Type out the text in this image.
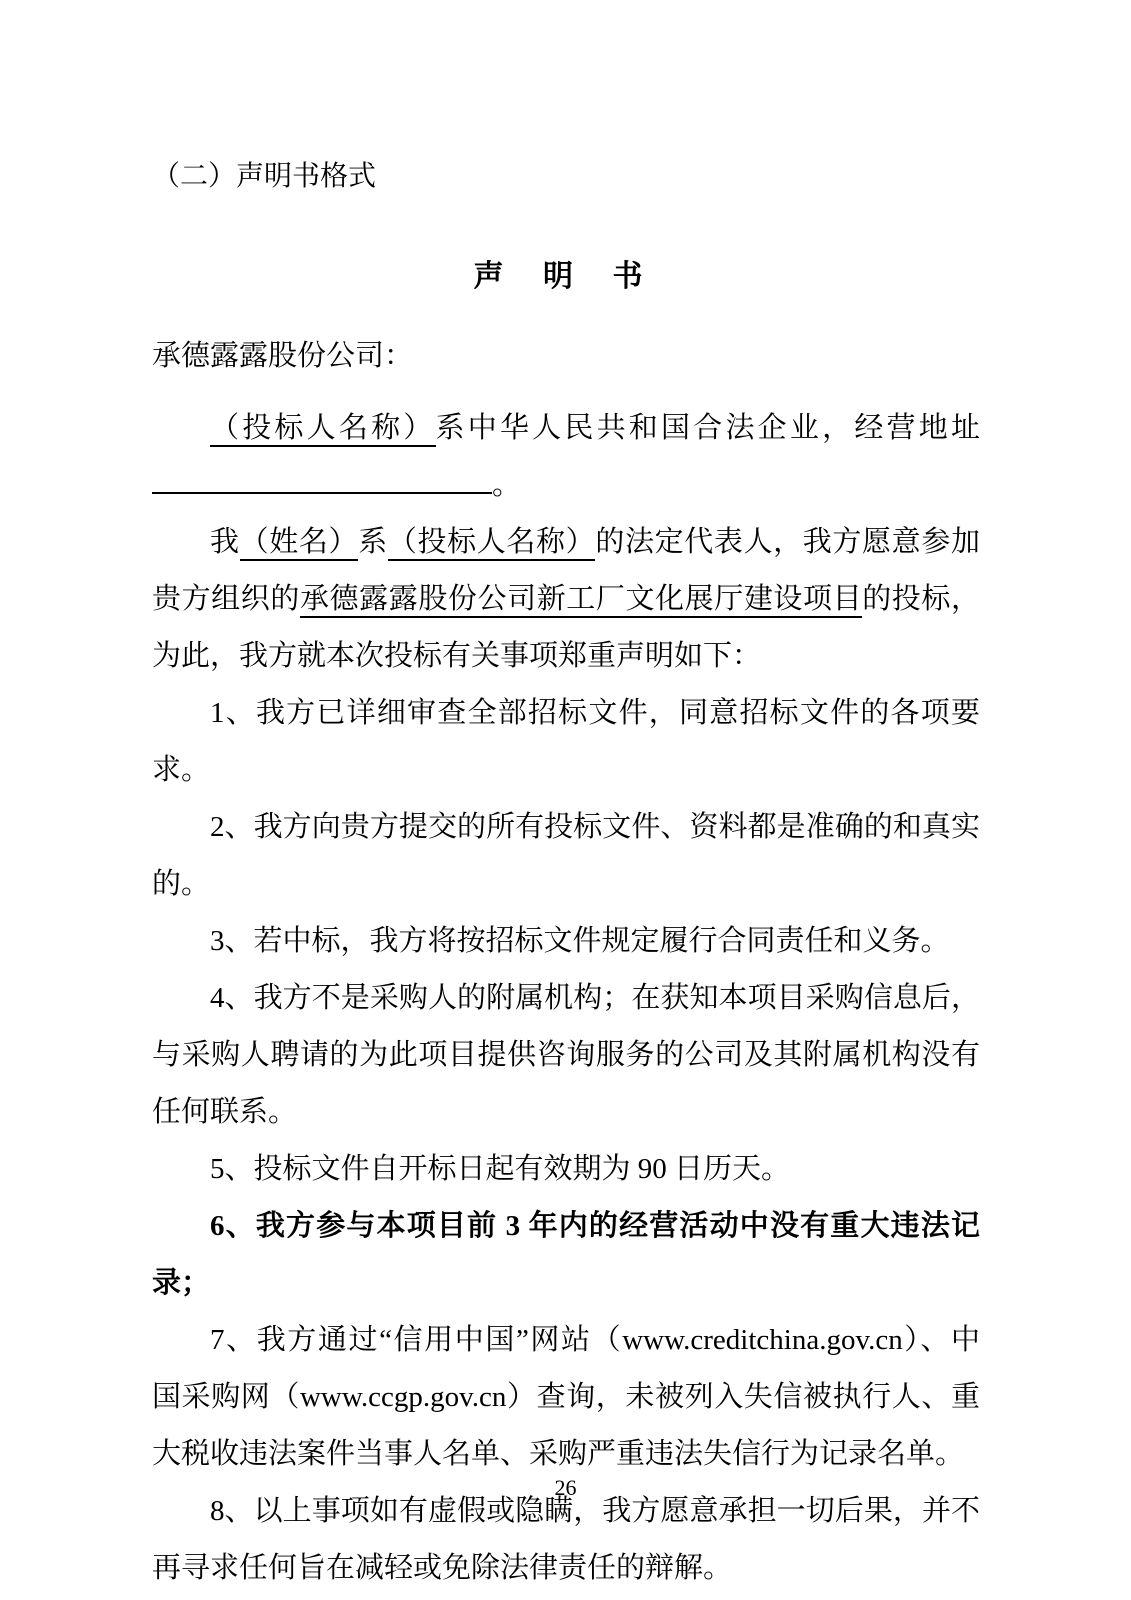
（二）声明书格式
声 明 书
承德露露股份公司：

（投标人名称）系中华人民共和国合法企业，经营地址。

我（姓名）系（投标人名称）的法定代表人，我方愿意参加贵方组织的承德露露股份公司新工厂文化展厅建设项目的投标，为此，我方就本次投标有关事项郑重声明如下：

1、我方已详细审查全部招标文件，同意招标文件的各项要求。

2、我方向贵方提交的所有投标文件、资料都是准确的和真实的。

3、若中标，我方将按招标文件规定履行合同责任和义务。

4、我方不是采购人的附属机构；在获知本项目采购信息后，与采购人聘请的为此项目提供咨询服务的公司及其附属机构没有任何联系。

5、投标文件自开标日起有效期为 90 日历天。

6、我方参与本项目前 3 年内的经营活动中没有重大违法记录；

7、我方通过“信用中国”网站（www.creditchina.gov.cn）、中国采购网（www.ccgp.gov.cn）查询，未被列入失信被执行人、重大税收违法案件当事人名单、采购严重违法失信行为记录名单。

8、以上事项如有虚假或隐瞒，我方愿意承担一切后果，并不再寻求任何旨在减轻或免除法律责任的辩解。

26
